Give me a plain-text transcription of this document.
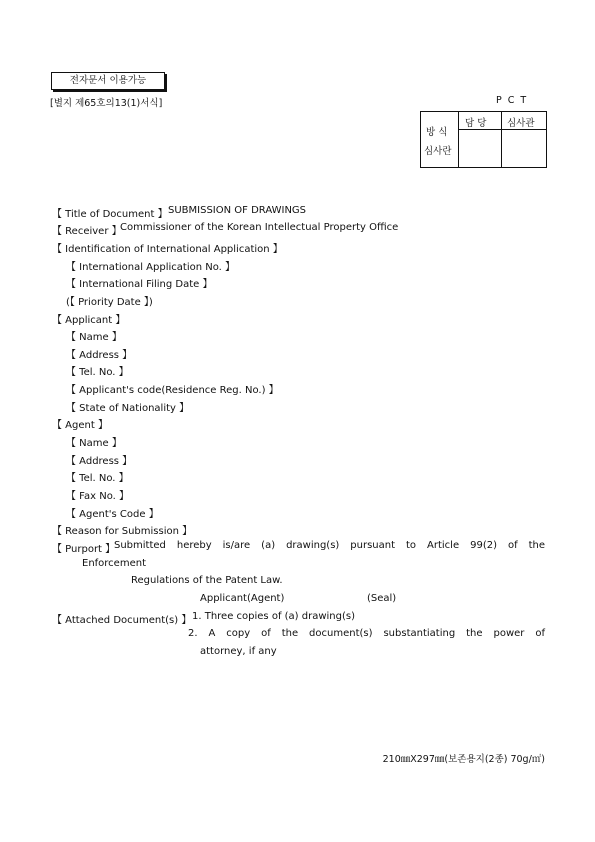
전자문서 이용가능
[별지 제65호의13(1)서식]	PCT
방 식
심사란
담 당 심사관
【 Title of Document 】 SUBMISSION OF DRAWINGS
【 Receiver 】
Commissioner of the Korean Intellectual Property Office
【 Identification of International Application 】
【 International Application No. 】
【 International Filing Date 】
(【 Priority Date 】)
【 Applicant 】
【 Name 】
【 Address 】
【 Tel. No. 】
【 Applicant's code(Residence Reg. No.) 】
【 State of Nationality 】
【 Agent 】
【 Name 】
【 Address 】
【 Tel. No. 】
【 Fax No. 】
【 Agent's Code 】
【 Reason for Submission 】
【 Purport 】
Submitted hereby is/are (a) drawing(s) pursuant to Article 99(2) of the
Enforcement
Regulations of the Patent Law.
Applicant(Agent)	(Seal)
【 Attached Document(s) 】 1. Three copies of (a) drawing(s)
2. A copy of the document(s) substantiating the power of
attorney, if any
210㎜X297㎜(보존용지(2종) 70g/㎡)
